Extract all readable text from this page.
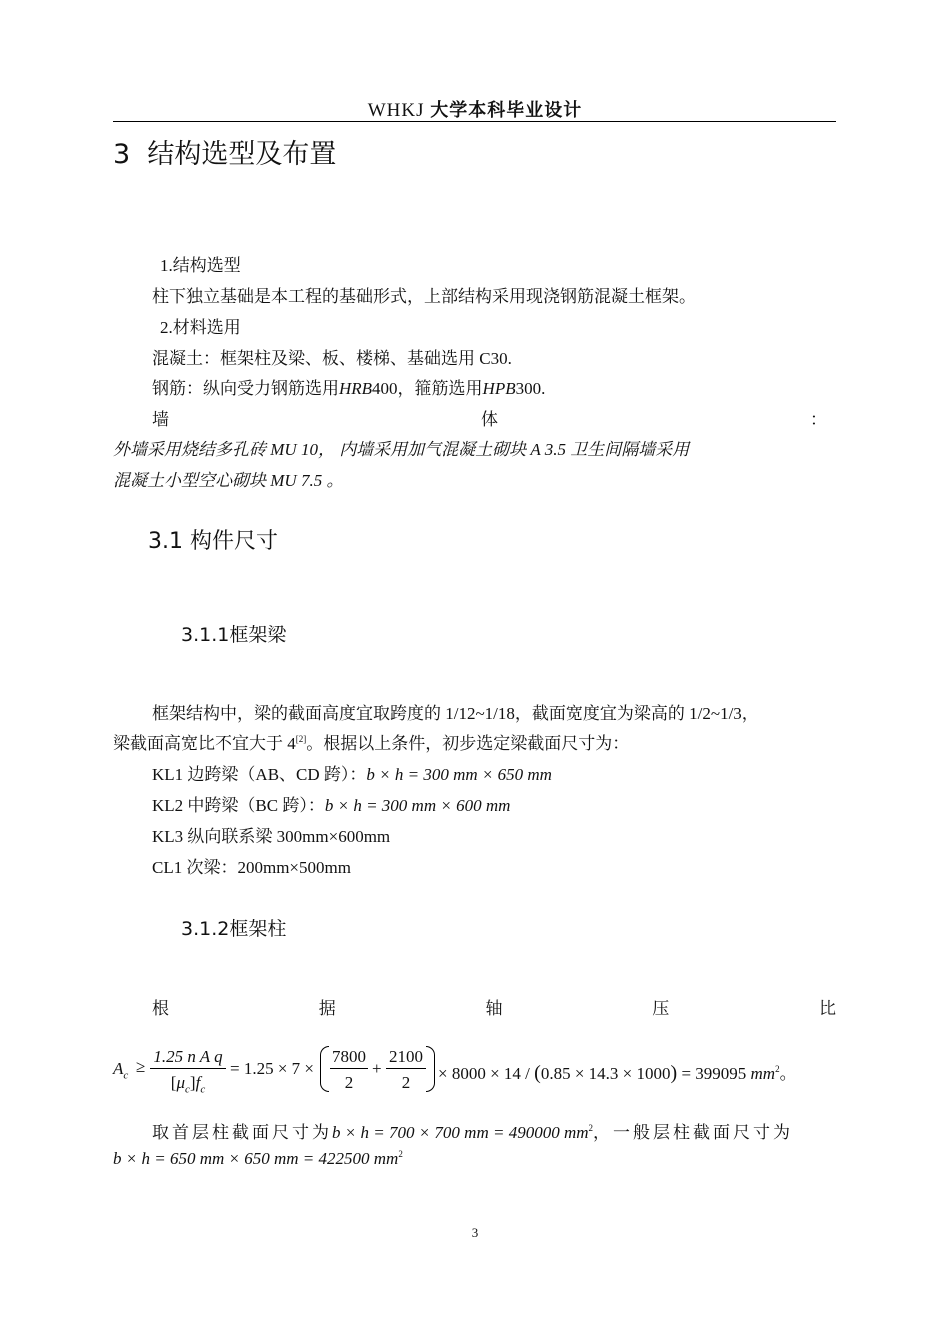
WHKJ 大学本科毕业设计
3 结构选型及布置
1.结构选型
柱下独立基础是本工程的基础形式，上部结构采用现浇钢筋混凝土框架。
2.材料选用
混凝土：框架柱及梁、板、楼梯、基础选用 C30.
钢筋：纵向受力钢筋选用HRB400，箍筋选用HPB300.
墙	体	：
外墙采用烧结多孔砖 MU 10， 内墙采用加气混凝土砌块 A 3.5 卫生间隔墙采用
混凝土小型空心砌块 MU 7.5 。
3.1 构件尺寸
3.1.1框架梁
框架结构中，梁的截面高度宜取跨度的 1/12~1/18，截面宽度宜为梁高的 1/2~1/3，
梁截面高宽比不宜大于 4[2]。根据以上条件，初步选定梁截面尺寸为：
KL1 边跨梁（AB、CD 跨）：b × h = 300 mm × 650 mm
KL2 中跨梁（BC 跨）：b × h = 300 mm × 600 mm
KL3 纵向联系梁 300mm×600mm
CL1 次梁：200mm×500mm
3.1.2框架柱
根	据	轴	压	比
$A_c$ ≥
1.25 n A q
$[\mu_c]f_c$
= 1.25 × 7 ×
7800
2
+
2100
2	× 8000 × 14 / (0.85 × 14.3 × 1000) = 399095 $mm^2$。
取首层柱截面尺寸为b × h = 700 × 700 mm = 490000 $mm^2$，一般层柱截面尺寸为
b × h = 650 mm × 650 mm = 422500 $mm^2$
3
